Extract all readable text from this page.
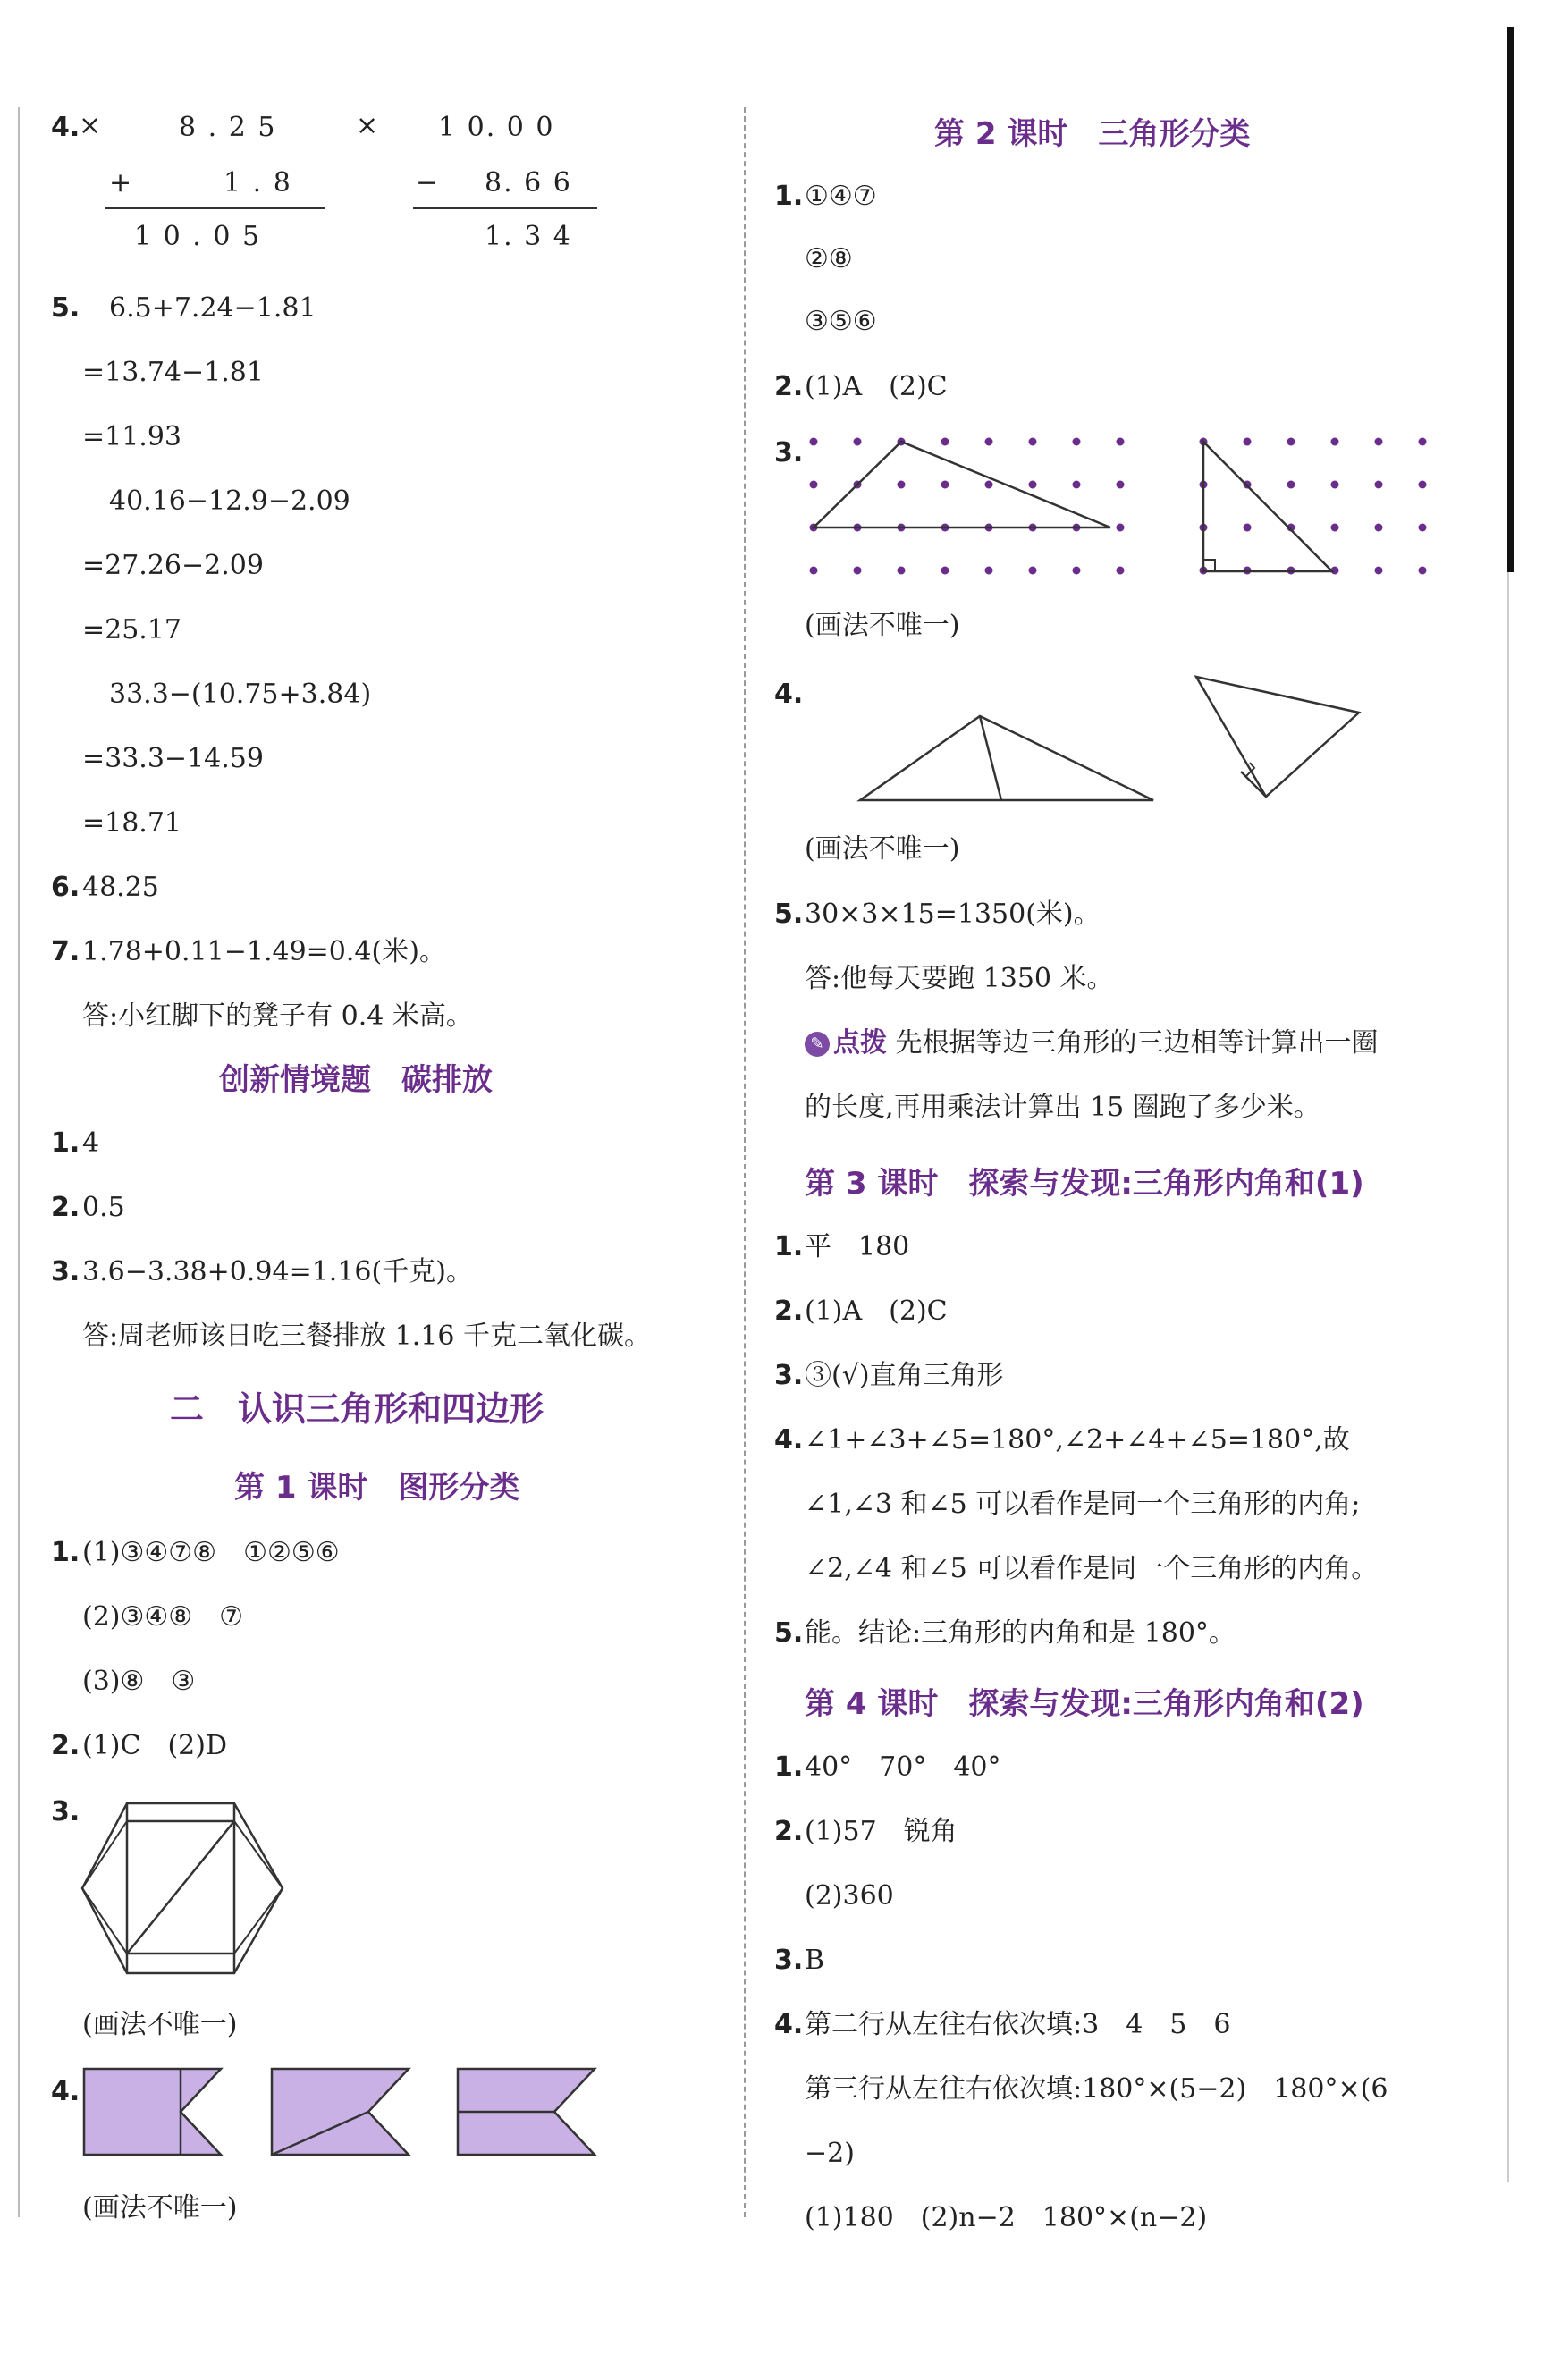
4.
×	8 . 2 5
+	1 . 8
1 0 . 0 5
× 1 0. 0 0
− 8. 6 6
1. 3 4
5. 6.5+7.24−1.81
=13.74−1.81
=11.93
40.16−12.9−2.09
=27.26−2.09
=25.17
33.3−(10.75+3.84)
=33.3−14.59
=18.71
6. 48.25
7. 1.78+0.11−1.49=0.4(米)。
答:小红脚下的凳子有 0.4 米高。
创新情境题　碳排放
1. 4
2. 0.5
3. 3.6−3.38+0.94=1.16(千克)。
答:周老师该日吃三餐排放 1.16 千克二氧化碳。
二　认识三角形和四边形
第 1 课时　图形分类
1. (1)③④⑦⑧　①②⑤⑥
(2)③④⑧　⑦
(3)⑧　③
2. (1)C　(2)D
3.
(画法不唯一)
4.
(画法不唯一)
第 2 课时　三角形分类
1. ①④⑦
②⑧
③⑤⑥
2. (1)A　(2)C
3.
(画法不唯一)
4.
(画法不唯一)
5. 30×3×15=1350(米)。
答:他每天要跑 1350 米。
✎ 点拨 先根据等边三角形的三边相等计算出一圈
的长度,再用乘法计算出 15 圈跑了多少米。
第 3 课时　探索与发现:三角形内角和(1)
1. 平　180
2. (1)A　(2)C
3. ③(√)直角三角形
4. ∠1+∠3+∠5=180°,∠2+∠4+∠5=180°,故
∠1,∠3 和∠5 可以看作是同一个三角形的内角;
∠2,∠4 和∠5 可以看作是同一个三角形的内角。
5. 能。结论:三角形的内角和是 180°。
第 4 课时　探索与发现:三角形内角和(2)
1. 40°　70°　40°
2. (1)57　锐角
(2)360
3. B
4. 第二行从左往右依次填:3　4　5　6
第三行从左往右依次填:180°×(5−2)　180°×(6
−2)
(1)180　(2)n−2　180°×(n−2)
